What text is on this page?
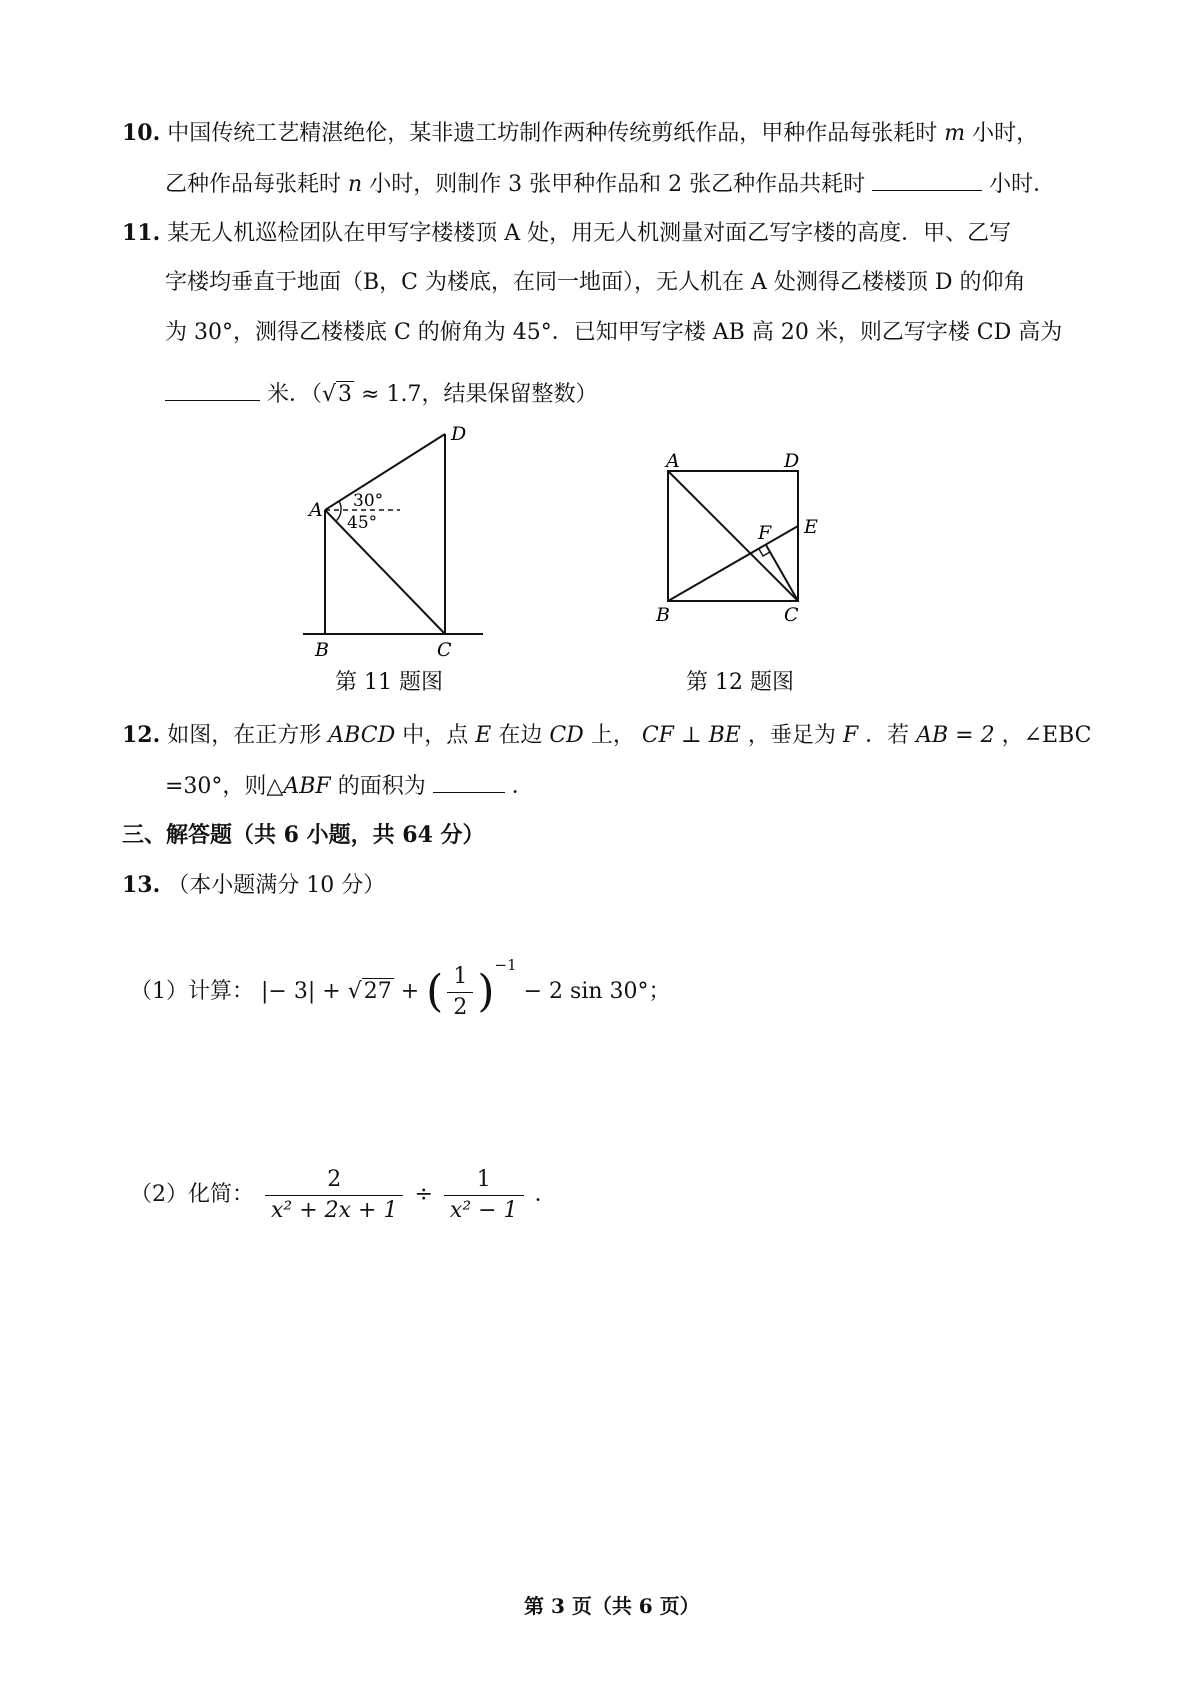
10. 中国传统工艺精湛绝伦，某非遗工坊制作两种传统剪纸作品，甲种作品每张耗时 m 小时，
乙种作品每张耗时 n 小时，则制作 3 张甲种作品和 2 张乙种作品共耗时	小时．
11. 某无人机巡检团队在甲写字楼楼顶 A 处，用无人机测量对面乙写字楼的高度．甲、乙写
字楼均垂直于地面（B，C 为楼底，在同一地面），无人机在 A 处测得乙楼楼顶 D 的仰角
为 30°，测得乙楼楼底 C 的俯角为 45°．已知甲写字楼 AB 高 20 米，则乙写字楼 CD 高为
米．（√3 ≈ 1.7，结果保留整数）
30°
45°
A
B	C
D
第 11 题图
A	D
B	C
E
F
第 12 题图
12. 如图，在正方形 ABCD 中，点 E 在边 CD 上， CF ⊥ BE ，垂足为 F ．若 AB = 2 ，∠EBC
=30°，则△ABF 的面积为	．
三、解答题（共 6 小题，共 64 分）
13. （本小题满分 10 分）
（1）计算： |− 3| + √27 + ( $\frac{1}{2} )^{-1} - 2$ sin 30°；
（2）化简： $\frac{2}{\text{x² + 2x + 1}} \div \frac{1}{\text{x² − 1}}$ ．
第 3 页（共 6 页）
